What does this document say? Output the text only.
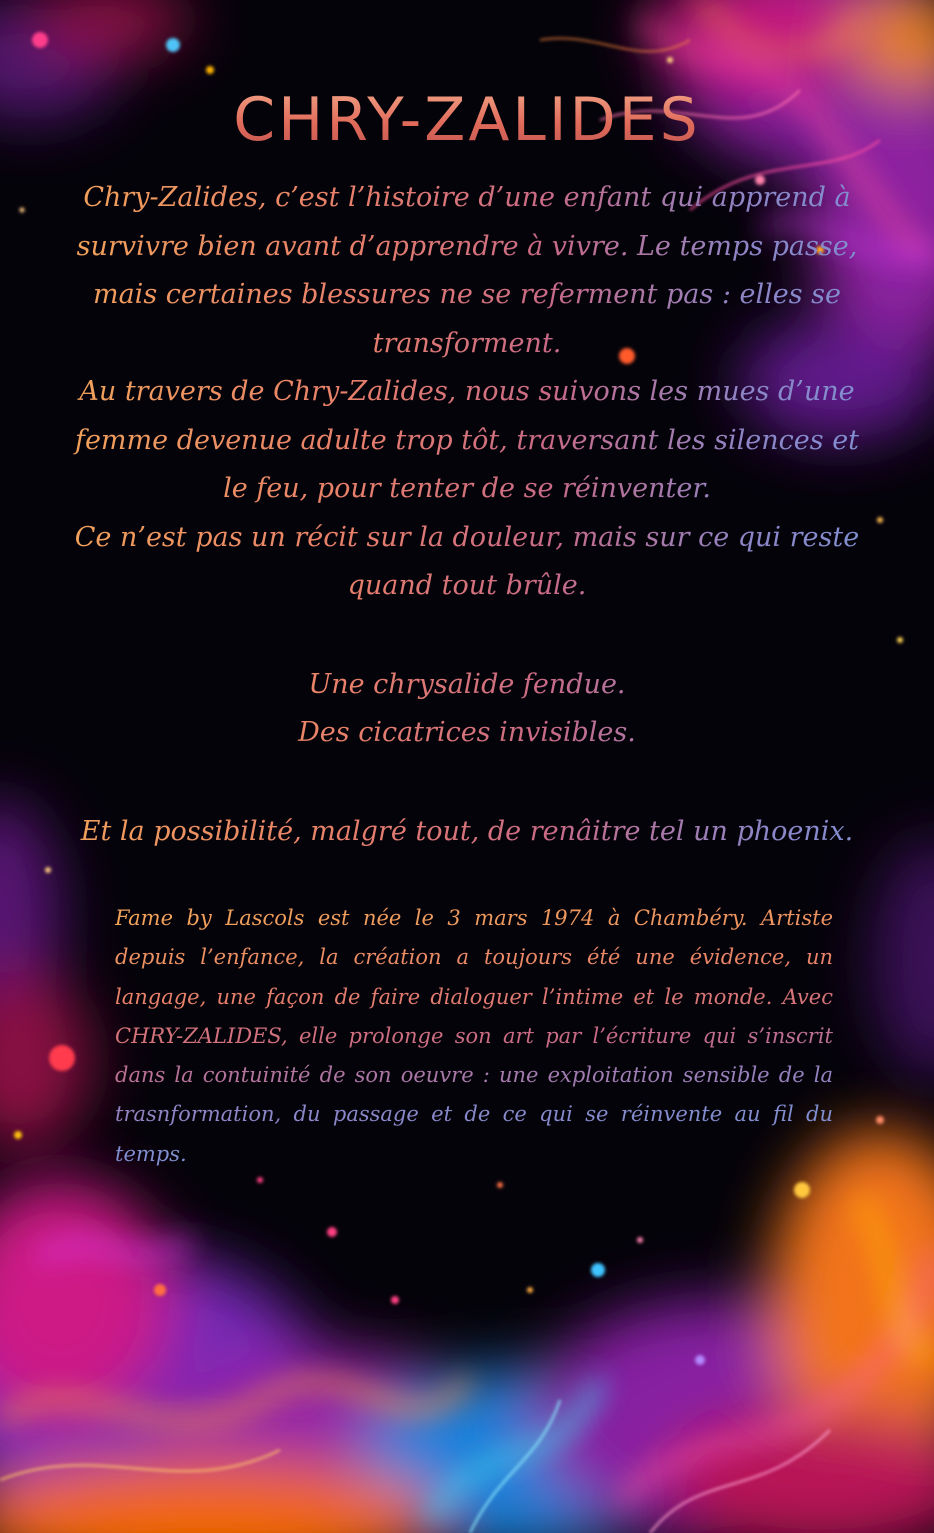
CHRY-ZALIDES

Chry-Zalides, c’est l’histoire d’une enfant qui apprend à survivre bien avant d’apprendre à vivre. Le temps passe, mais certaines blessures ne se referment pas : elles se transforment.

Au travers de Chry-Zalides, nous suivons les mues d’une femme devenue adulte trop tôt, traversant les silences et le feu, pour tenter de se réinventer.

Ce n’est pas un récit sur la douleur, mais sur ce qui reste quand tout brûle.

Une chrysalide fendue.

Des cicatrices invisibles.

Et la possibilité, malgré tout, de renâitre tel un phoenix.
Fame by Lascols est née le 3 mars 1974 à Chambéry. Artiste depuis l’enfance, la création a toujours été une évidence, un langage, une façon de faire dialoguer l’intime et le monde. Avec CHRY-ZALIDES, elle prolonge son art par l’écriture qui s’inscrit dans la contuinité de son oeuvre : une exploitation sensible de la trasnformation, du passage et de ce qui se réinvente au fil du temps.
